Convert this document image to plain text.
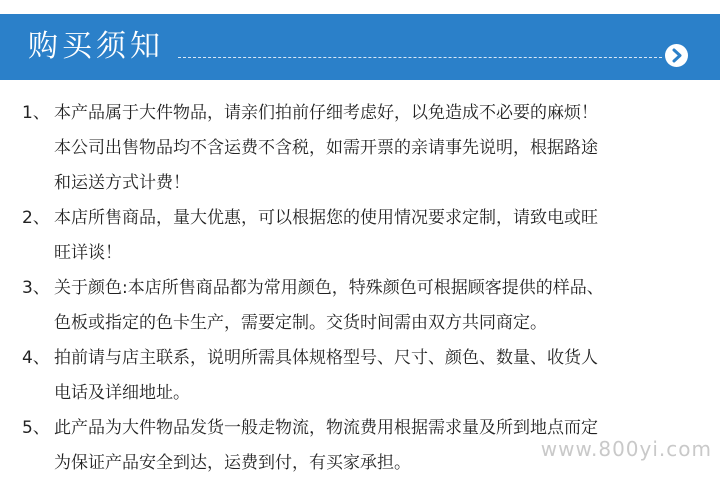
购买须知
1、 本产品属于大件物品，请亲们拍前仔细考虑好，以免造成不必要的麻烦！
本公司出售物品均不含运费不含税，如需开票的亲请事先说明，根据路途
和运送方式计费！
2、 本店所售商品，量大优惠，可以根据您的使用情况要求定制，请致电或旺
旺详谈！
3、 关于颜色:本店所售商品都为常用颜色，特殊颜色可根据顾客提供的样品、
色板或指定的色卡生产，需要定制。交货时间需由双方共同商定。
4、 拍前请与店主联系，说明所需具体规格型号、尺寸、颜色、数量、收货人
电话及详细地址。
5、 此产品为大件物品发货一般走物流，物流费用根据需求量及所到地点而定
为保证产品安全到达，运费到付，有买家承担。
www.800yi.com
